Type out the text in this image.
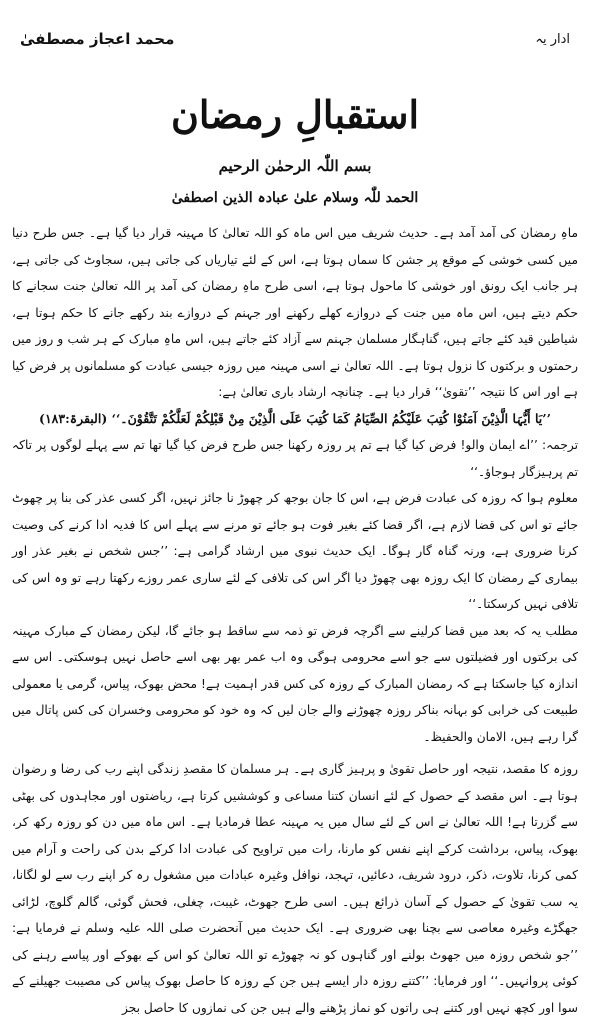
محمد اعجاز مصطفیٰ	ادار یہ
استقبالِ رمضان
بسم اللّٰہ الرحمٰن الرحیم
الحمد للّٰہ وسلام علیٰ عبادہ الذین اصطفیٰ

ماہِ رمضان کی آمد آمد ہے۔ حدیث شریف میں اس ماہ کو اللہ تعالیٰ کا مہینہ قرار دیا گیا ہے۔ جس طرح دنیا میں کسی خوشی کے موقع پر جشن کا سماں ہوتا ہے، اس کے لئے تیاریاں کی جاتی ہیں، سجاوٹ کی جاتی ہے، ہر جانب ایک رونق اور خوشی کا ماحول ہوتا ہے، اسی طرح ماہِ رمضان کی آمد پر اللہ تعالیٰ جنت سجانے کا حکم دیتے ہیں، اس ماہ میں جنت کے دروازے کھلے رکھنے اور جہنم کے دروازے بند رکھے جانے کا حکم ہوتا ہے، شیاطین قید کئے جاتے ہیں، گناہگار مسلمان جہنم سے آزاد کئے جاتے ہیں، اس ماہِ مبارک کے ہر شب و روز میں رحمتوں و برکتوں کا نزول ہوتا ہے۔ اللہ تعالیٰ نے اسی مہینہ میں روزہ جیسی عبادت کو مسلمانوں پر فرض کیا ہے اور اس کا نتیجہ ’’تقویٰ‘‘ قرار دیا ہے۔ چنانچہ ارشاد باری تعالیٰ ہے:

’’یَا أَیُّہَا الَّذِیْنَ آمَنُوْا کُتِبَ عَلَیْکُمُ الصِّیَامُ کَمَا کُتِبَ عَلَی الَّذِیْنَ مِنْ قَبْلِکُمْ لَعَلَّکُمْ تَتَّقُوْنَ۔‘‘ (البقرۃ:۱۸۳)

ترجمہ: ’’اے ایمان والو! فرض کیا گیا ہے تم پر روزہ رکھنا جس طرح فرض کیا گیا تھا تم سے پہلے لوگوں پر تاکہ تم پرہیزگار ہوجاؤ۔‘‘

معلوم ہوا کہ روزہ کی عبادت فرض ہے، اس کا جان بوجھ کر چھوڑ نا جائز نہیں، اگر کسی عذر کی بنا پر چھوٹ جائے تو اس کی قضا لازم ہے، اگر قضا کئے بغیر فوت ہو جائے تو مرنے سے پہلے اس کا فدیہ ادا کرنے کی وصیت کرنا ضروری ہے، ورنہ گناہ گار ہوگا۔ ایک حدیث نبوی میں ارشاد گرامی ہے: ’’جس شخص نے بغیر عذر اور بیماری کے رمضان کا ایک روزہ بھی چھوڑ دیا اگر اس کی تلافی کے لئے ساری عمر روزے رکھتا رہے تو وہ اس کی تلافی نہیں کرسکتا۔‘‘

مطلب یہ کہ بعد میں قضا کرلینے سے اگرچہ فرض تو ذمہ سے ساقط ہو جائے گا، لیکن رمضان کے مبارک مہینہ کی برکتوں اور فضیلتوں سے جو اسے محرومی ہوگی وہ اب عمر بھر بھی اسے حاصل نہیں ہوسکتی۔ اس سے اندازہ کیا جاسکتا ہے کہ رمضان المبارک کے روزہ کی کس قدر اہمیت ہے! محض بھوک، پیاس، گرمی یا معمولی طبیعت کی خرابی کو بہانہ بناکر روزہ چھوڑنے والے جان لیں کہ وہ خود کو محرومی وخسران کی کس پاتال میں گرا رہے ہیں، الامان والحفیظ۔

روزہ کا مقصد، نتیجہ اور حاصل تقویٰ و پرہیز گاری ہے۔ ہر مسلمان کا مقصدِ زندگی اپنے رب کی رضا و رضوان ہوتا ہے۔ اس مقصد کے حصول کے لئے انسان کتنا مساعی و کوششیں کرتا ہے، ریاضتوں اور مجاہدوں کی بھٹی سے گزرتا ہے! اللہ تعالیٰ نے اس کے لئے سال میں یہ مہینہ عطا فرمادیا ہے۔ اس ماہ میں دن کو روزہ رکھ کر، بھوک، پیاس، برداشت کرکے اپنے نفس کو مارنا، رات میں تراویح کی عبادت ادا کرکے بدن کی راحت و آرام میں کمی کرنا، تلاوت، ذکر، درود شریف، دعائیں، تہجد، نوافل وغیرہ عبادات میں مشغول رہ کر اپنے رب سے لو لگانا، یہ سب تقویٰ کے حصول کے آسان ذرائع ہیں۔ اسی طرح جھوٹ، غیبت، چغلی، فحش گوئی، گالم گلوچ، لڑائی جھگڑے وغیرہ معاصی سے بچنا بھی ضروری ہے۔ ایک حدیث میں آنحضرت صلی اللہ علیہ وسلم نے فرمایا ہے: ’’جو شخص روزہ میں جھوٹ بولنے اور گناہوں کو نہ چھوڑے تو اللہ تعالیٰ کو اس کے بھوکے اور پیاسے رہنے کی کوئی پروانہیں۔‘‘ اور فرمایا: ’’کتنے روزہ دار ایسے ہیں جن کے روزہ کا حاصل بھوک پیاس کی مصیبت جھیلنے کے سوا اور کچھ نہیں اور کتنے ہی راتوں کو نماز پڑھنے والے ہیں جن کی نمازوں کا حاصل بجز
